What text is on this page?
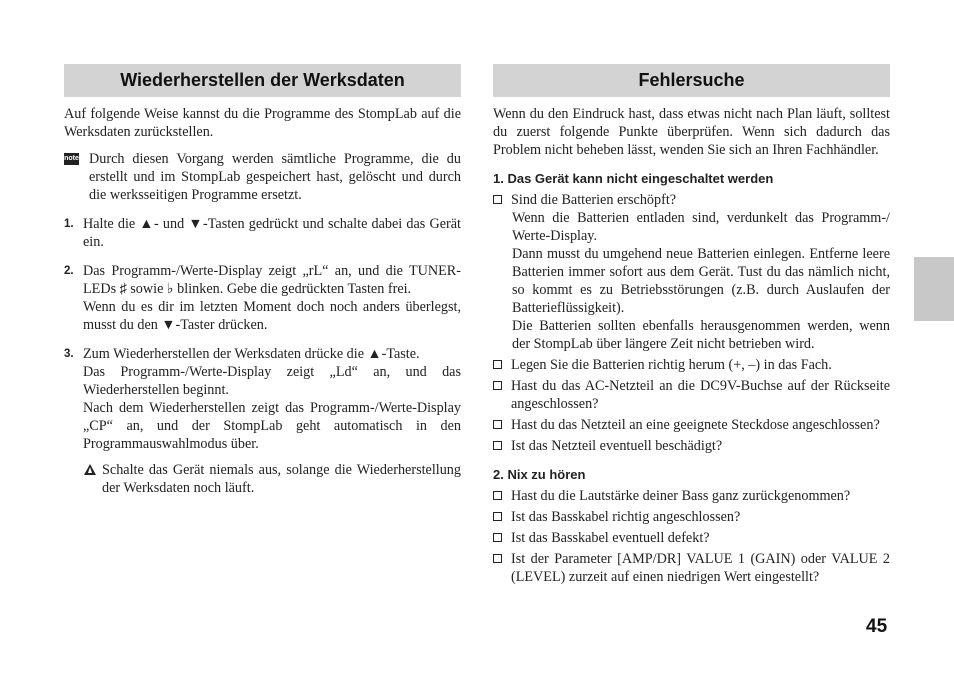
Wiederherstellen der Werksdaten

Auf folgende Weise kannst du die Programme des StompLab auf die Werksdaten zurückstellen.

note Durch diesen Vorgang werden sämtliche Programme, die du erstellt und im StompLab gespeichert hast, gelöscht und durch die werksseitigen Programme ersetzt.

1. Halte die ▲- und ▼-Tasten gedrückt und schalte dabei das Gerät ein.

2. Das Programm-/Werte-Display zeigt „rL“ an, und die TUNER-LEDs ♯ sowie ♭ blinken. Gebe die gedrückten Tasten frei.

Wenn du es dir im letzten Moment doch noch anders überlegst, musst du den ▼-Taster drücken.

3. Zum Wiederherstellen der Werksdaten drücke die ▲-Taste.

Das Programm-/Werte-Display zeigt „Ld“ an, und das Wiederherstellen beginnt.

Nach dem Wiederherstellen zeigt das Programm-/Werte-Display „CP“ an, und der StompLab geht automatisch in den Programmauswahlmodus über.

Schalte das Gerät niemals aus, solange die Wiederherstellung der Werksdaten noch läuft.

Fehlersuche

Wenn du den Eindruck hast, dass etwas nicht nach Plan läuft, solltest du zuerst folgende Punkte überprüfen. Wenn sich dadurch das Problem nicht beheben lässt, wenden Sie sich an Ihren Fachhändler.

1. Das Gerät kann nicht eingeschaltet werden

Sind die Batterien erschöpft?

Wenn die Batterien entladen sind, verdunkelt das Programm-/ Werte-Display.

Dann musst du umgehend neue Batterien einlegen. Entferne leere Batterien immer sofort aus dem Gerät. Tust du das nämlich nicht, so kommt es zu Betriebsstörungen (z.B. durch Auslaufen der Batterieflüssigkeit).

Die Batterien sollten ebenfalls herausgenommen werden, wenn der StompLab über längere Zeit nicht betrieben wird.

Legen Sie die Batterien richtig herum (+, –) in das Fach.

Hast du das AC-Netzteil an die DC9V-Buchse auf der Rückseite angeschlossen?

Hast du das Netzteil an eine geeignete Steckdose angeschlossen?

Ist das Netzteil eventuell beschädigt?

2. Nix zu hören

Hast du die Lautstärke deiner Bass ganz zurückgenommen?

Ist das Basskabel richtig angeschlossen?

Ist das Basskabel eventuell defekt?

Ist der Parameter [AMP/DR] VALUE 1 (GAIN) oder VALUE 2 (LEVEL) zurzeit auf einen niedrigen Wert eingestellt?

45
